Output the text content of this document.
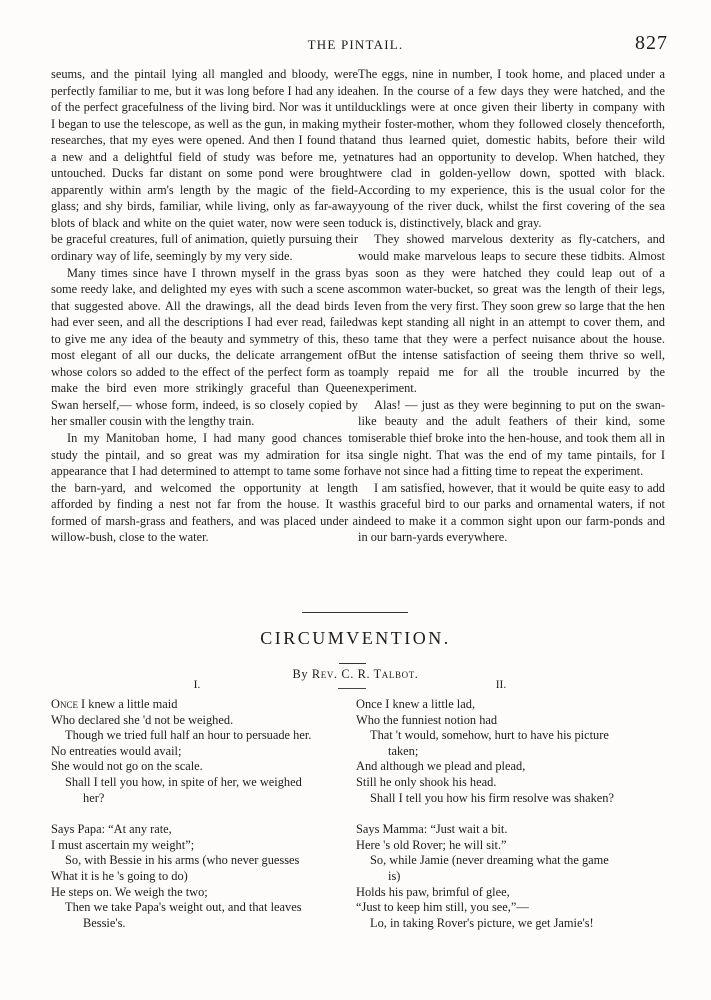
THE PINTAIL.	827

seums, and the pintail lying all mangled and bloody, were perfectly familiar to me, but it was long before I had any idea of the perfect gracefulness of the living bird. Nor was it until I began to use the telescope, as well as the gun, in making my researches, that my eyes were opened. And then I found that a new and a delightful field of study was before me, yet untouched. Ducks far distant on some pond were brought apparently within arm's length by the magic of the field-glass; and shy birds, familiar, while living, only as far-away blots of black and white on the quiet water, now were seen to be graceful creatures, full of animation, quietly pursuing their ordinary way of life, seemingly by my very side.

Many times since have I thrown myself in the grass by some reedy lake, and delighted my eyes with such a scene as that suggested above. All the drawings, all the dead birds I had ever seen, and all the descriptions I had ever read, failed to give me any idea of the beauty and symmetry of this, the most elegant of all our ducks, the delicate arrangement of whose colors so added to the effect of the perfect form as to make the bird even more strikingly graceful than Queen Swan herself,— whose form, indeed, is so closely copied by her smaller cousin with the lengthy train.

In my Manitoban home, I had many good chances to study the pintail, and so great was my admiration for its appearance that I had determined to attempt to tame some for the barn-yard, and welcomed the opportunity at length afforded by finding a nest not far from the house. It was formed of marsh-grass and feathers, and was placed under a willow-bush, close to the water.

The eggs, nine in number, I took home, and placed under a hen. In the course of a few days they were hatched, and the ducklings were at once given their liberty in company with their foster-mother, whom they followed closely thenceforth, and thus learned quiet, domestic habits, before their wild natures had an opportunity to develop. When hatched, they were clad in golden-yellow down, spotted with black. According to my experience, this is the usual color for the young of the river duck, whilst the first covering of the sea duck is, distinctively, black and gray.

They showed marvelous dexterity as fly-catchers, and would make marvelous leaps to secure these tidbits. Almost as soon as they were hatched they could leap out of a common water-bucket, so great was the length of their legs, even from the very first. They soon grew so large that the hen was kept standing all night in an attempt to cover them, and so tame that they were a perfect nuisance about the house. But the intense satisfaction of seeing them thrive so well, amply repaid me for all the trouble incurred by the experiment.

Alas! — just as they were beginning to put on the swan-like beauty and the adult feathers of their kind, some miserable thief broke into the hen-house, and took them all in a single night. That was the end of my tame pintails, for I have not since had a fitting time to repeat the experiment.

I am satisfied, however, that it would be quite easy to add this graceful bird to our parks and ornamental waters, if not indeed to make it a common sight upon our farm-ponds and in our barn-yards everywhere.

CIRCUMVENTION.
By Rev. C. R. Talbot.
I.	II.
Once I knew a little maid
Who declared she 'd not be weighed.
Though we tried full half an hour to persuade her.
No entreaties would avail;
She would not go on the scale.
Shall I tell you how, in spite of her, we weighed
her?
Says Papa: “At any rate,
I must ascertain my weight”;
So, with Bessie in his arms (who never guesses
What it is he 's going to do)
He steps on. We weigh the two;
Then we take Papa's weight out, and that leaves
Bessie's.
Once I knew a little lad,
Who the funniest notion had
That 't would, somehow, hurt to have his picture
taken;
And although we plead and plead,
Still he only shook his head.
Shall I tell you how his firm resolve was shaken?
Says Mamma: “Just wait a bit.
Here 's old Rover; he will sit.”
So, while Jamie (never dreaming what the game
is)
Holds his paw, brimful of glee,
“Just to keep him still, you see,”—
Lo, in taking Rover's picture, we get Jamie's!
